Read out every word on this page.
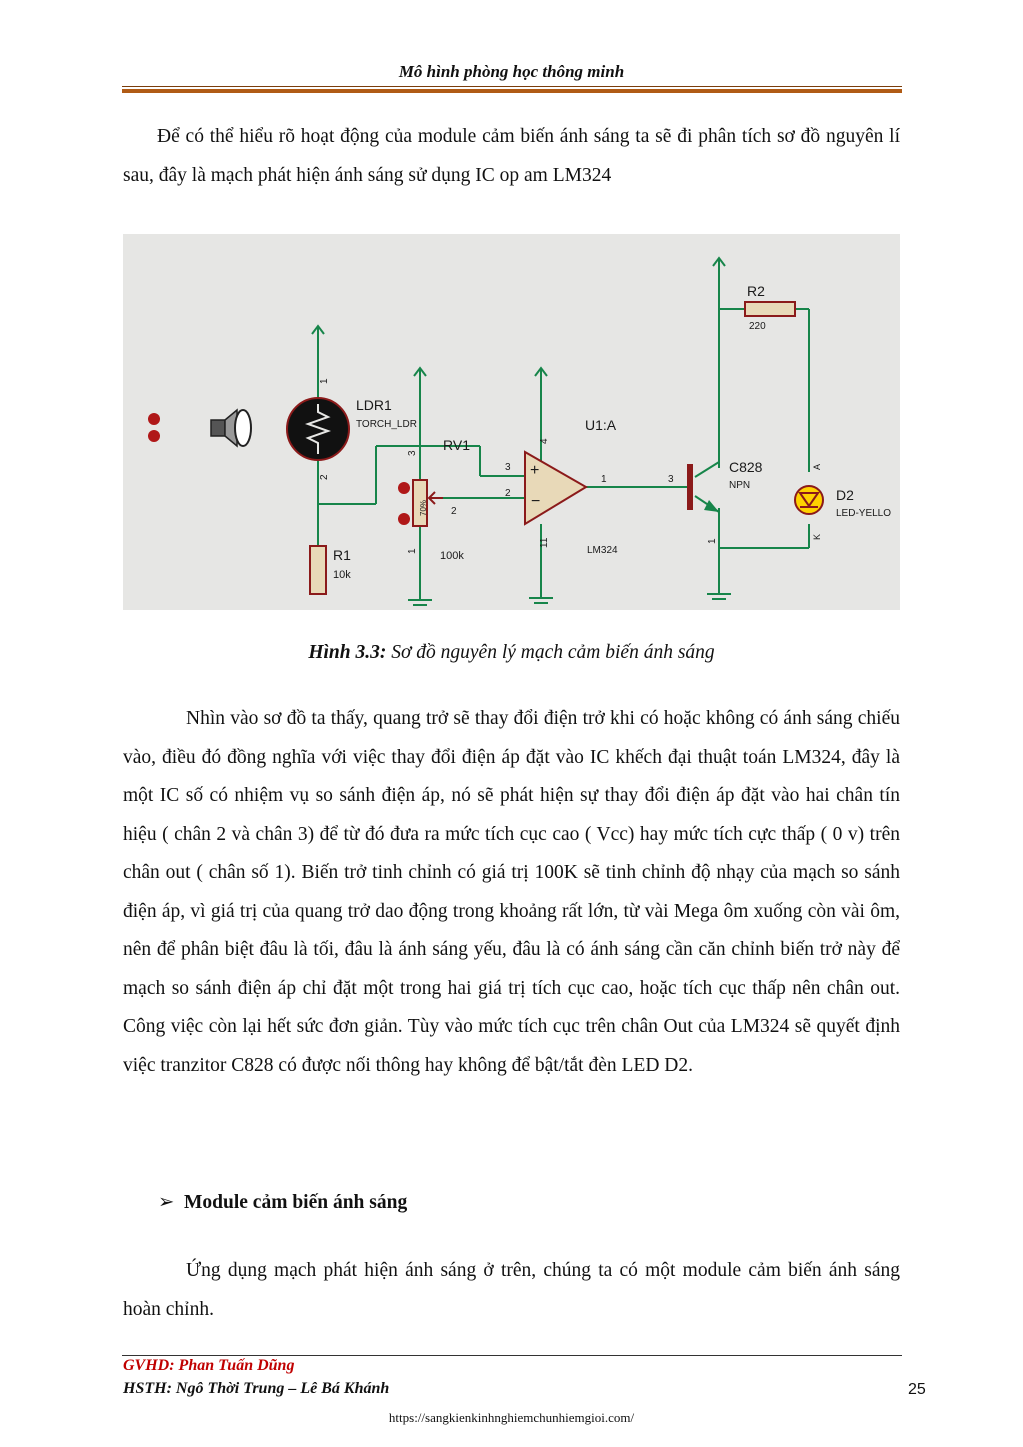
Mô hình phòng học thông minh

Để có thể hiểu rõ hoạt động của module cảm biến ánh sáng ta sẽ đi phân tích sơ đồ nguyên lí sau, đây là mạch phát hiện ánh sáng sử dụng IC op am LM324

LDR1
TORCH_LDR
RV1
100k
70%
R1
10k
U1:A
LM324
C828
NPN
R2
220
D2
LED-YELLO
1
2
3
2
1
3
2
4
11
1	3
1
A
K
+
−
Hình 3.3: Sơ đồ nguyên lý mạch cảm biến ánh sáng

Nhìn vào sơ đồ ta thấy, quang trở sẽ thay đổi điện trở khi có hoặc không có ánh sáng chiếu vào, điều đó đồng nghĩa với việc thay đổi điện áp đặt vào IC khếch đại thuật toán LM324, đây là một IC số có nhiệm vụ so sánh điện áp, nó sẽ phát hiện sự thay đổi điện áp đặt vào hai chân tín hiệu ( chân 2 và chân 3) để từ đó đưa ra mức tích cục cao ( Vcc) hay mức tích cực thấp ( 0 v) trên chân out ( chân số 1). Biến trở tinh chỉnh có giá trị 100K sẽ tinh chỉnh độ nhạy của mạch so sánh điện áp, vì giá trị của quang trở dao động trong khoảng rất lớn, từ vài Mega ôm xuống còn vài ôm, nên để phân biệt đâu là tối, đâu là ánh sáng yếu, đâu là có ánh sáng cần căn chỉnh biến trở này để mạch so sánh điện áp chỉ đặt một trong hai giá trị tích cục cao, hoặc tích cục thấp nên chân out. Công việc còn lại hết sức đơn giản. Tùy vào mức tích cục trên chân Out của LM324 sẽ quyết định việc tranzitor C828 có được nối thông hay không để bật/tắt đèn LED D2.

➢ Module cảm biến ánh sáng

Ứng dụng mạch phát hiện ánh sáng ở trên, chúng ta có một module cảm biến ánh sáng hoàn chỉnh.

GVHD: Phan Tuấn Dũng
HSTH: Ngô Thời Trung – Lê Bá Khánh	25
https://sangkienkinhnghiemchunhiemgioi.com/
